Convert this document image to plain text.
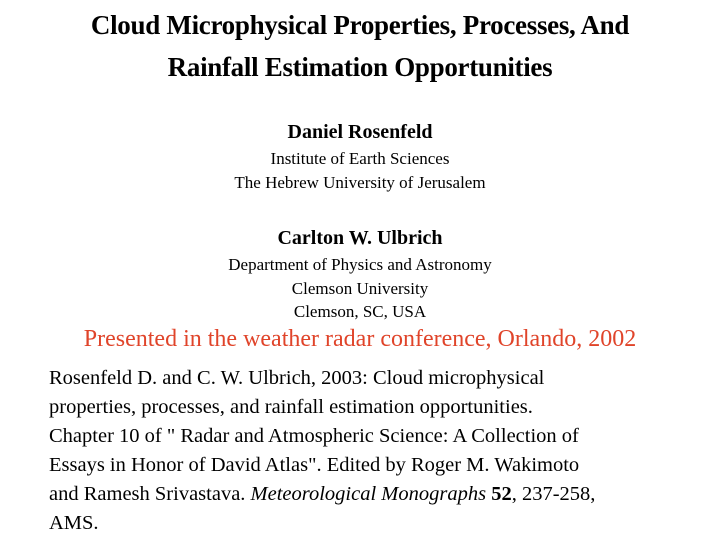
Cloud Microphysical Properties, Processes, And
Rainfall Estimation Opportunities
Daniel Rosenfeld
Institute of Earth Sciences
The Hebrew University of Jerusalem
Carlton W. Ulbrich
Department of Physics and Astronomy
Clemson University
Clemson, SC, USA
Presented in the weather radar conference, Orlando, 2002
Rosenfeld D. and C. W. Ulbrich, 2003: Cloud microphysical
properties, processes, and rainfall estimation opportunities.
Chapter 10 of " Radar and Atmospheric Science: A Collection of
Essays in Honor of David Atlas". Edited by Roger M. Wakimoto
and Ramesh Srivastava. Meteorological Monographs 52, 237-258,
AMS.
